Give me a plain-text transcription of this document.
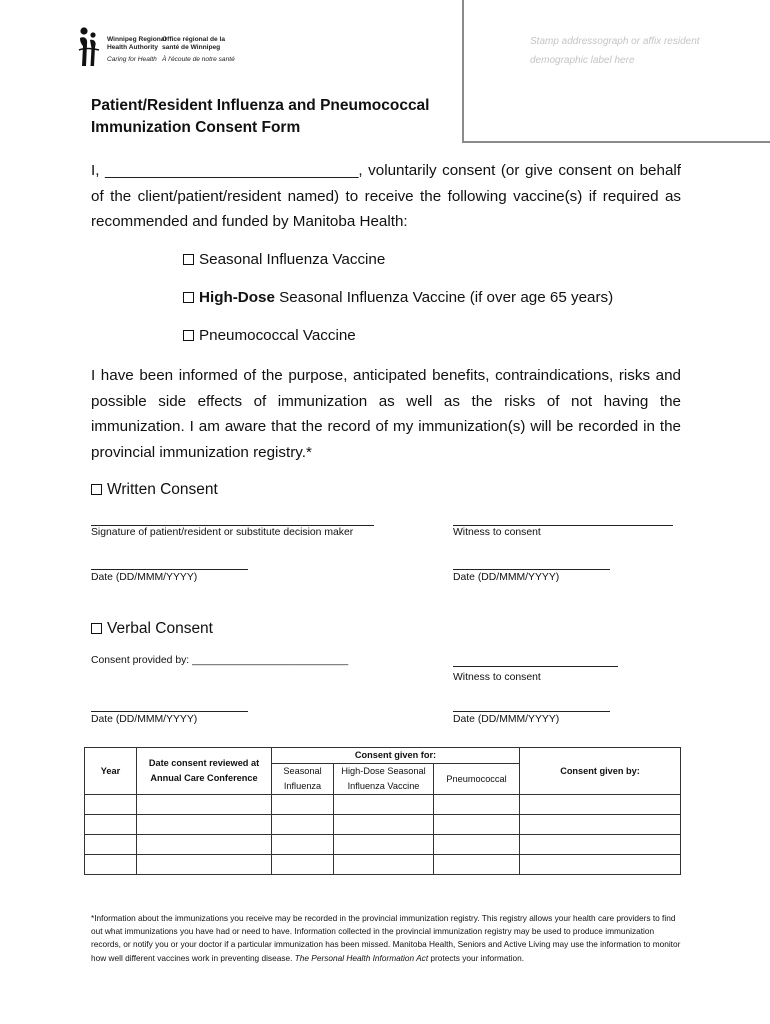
Winnipeg Regional
Health Authority
Caring for Health
Office régional de la
santé de Winnipeg
À l'écoute de notre santé
Stamp addressograph or affix resident demographic label here
Patient/Resident Influenza and Pneumococcal Immunization Consent Form
I, ______________________________, voluntarily consent (or give consent on behalf of the client/patient/resident named) to receive the following vaccine(s) if required as recommended and funded by Manitoba Health:
Seasonal Influenza Vaccine
High-Dose Seasonal Influenza Vaccine (if over age 65 years)
Pneumococcal Vaccine
I have been informed of the purpose, anticipated benefits, contraindications, risks and possible side effects of immunization as well as the risks of not having the immunization. I am aware that the record of my immunization(s) will be recorded in the provincial immunization registry.*
Written Consent
Signature of patient/resident or substitute decision maker	Witness to consent
Date (DD/MMM/YYYY)	Date (DD/MMM/YYYY)
Verbal Consent
Consent provided by: ___________________________
Witness to consent
Date (DD/MMM/YYYY)	Date (DD/MMM/YYYY)
Year	Date consent reviewed at Annual Care Conference	Consent given for:			Consent given by:
		Seasonal Influenza	High-Dose Seasonal Influenza Vaccine	Pneumococcal	

*Information about the immunizations you receive may be recorded in the provincial immunization registry. This registry allows your health care providers to find out what immunizations you have had or need to have. Information collected in the provincial immunization registry may be used to produce immunization records, or notify you or your doctor if a particular immunization has been missed. Manitoba Health, Seniors and Active Living may use the information to monitor how well different vaccines work in preventing disease. The Personal Health Information Act protects your information.
